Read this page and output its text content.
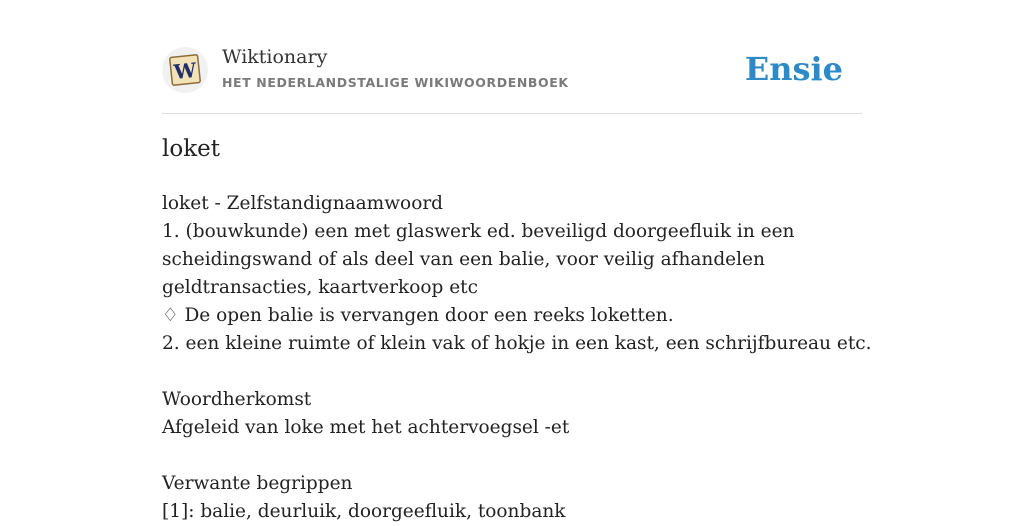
W
Wiktionary
HET NEDERLANDSTALIGE WIKIWOORDENBOEK	Ensie
loket
loket - Zelfstandignaamwoord
1. (bouwkunde) een met glaswerk ed. beveiligd doorgeefluik in een scheidingswand of als deel van een balie, voor veilig afhandelen geldtransacties, kaartverkoop etc
♢ De open balie is vervangen door een reeks loketten.
2. een kleine ruimte of klein vak of hokje in een kast, een schrijfbureau etc.
Woordherkomst
Afgeleid van loke met het achtervoegsel -et
Verwante begrippen
[1]: balie, deurluik, doorgeefluik, toonbank
